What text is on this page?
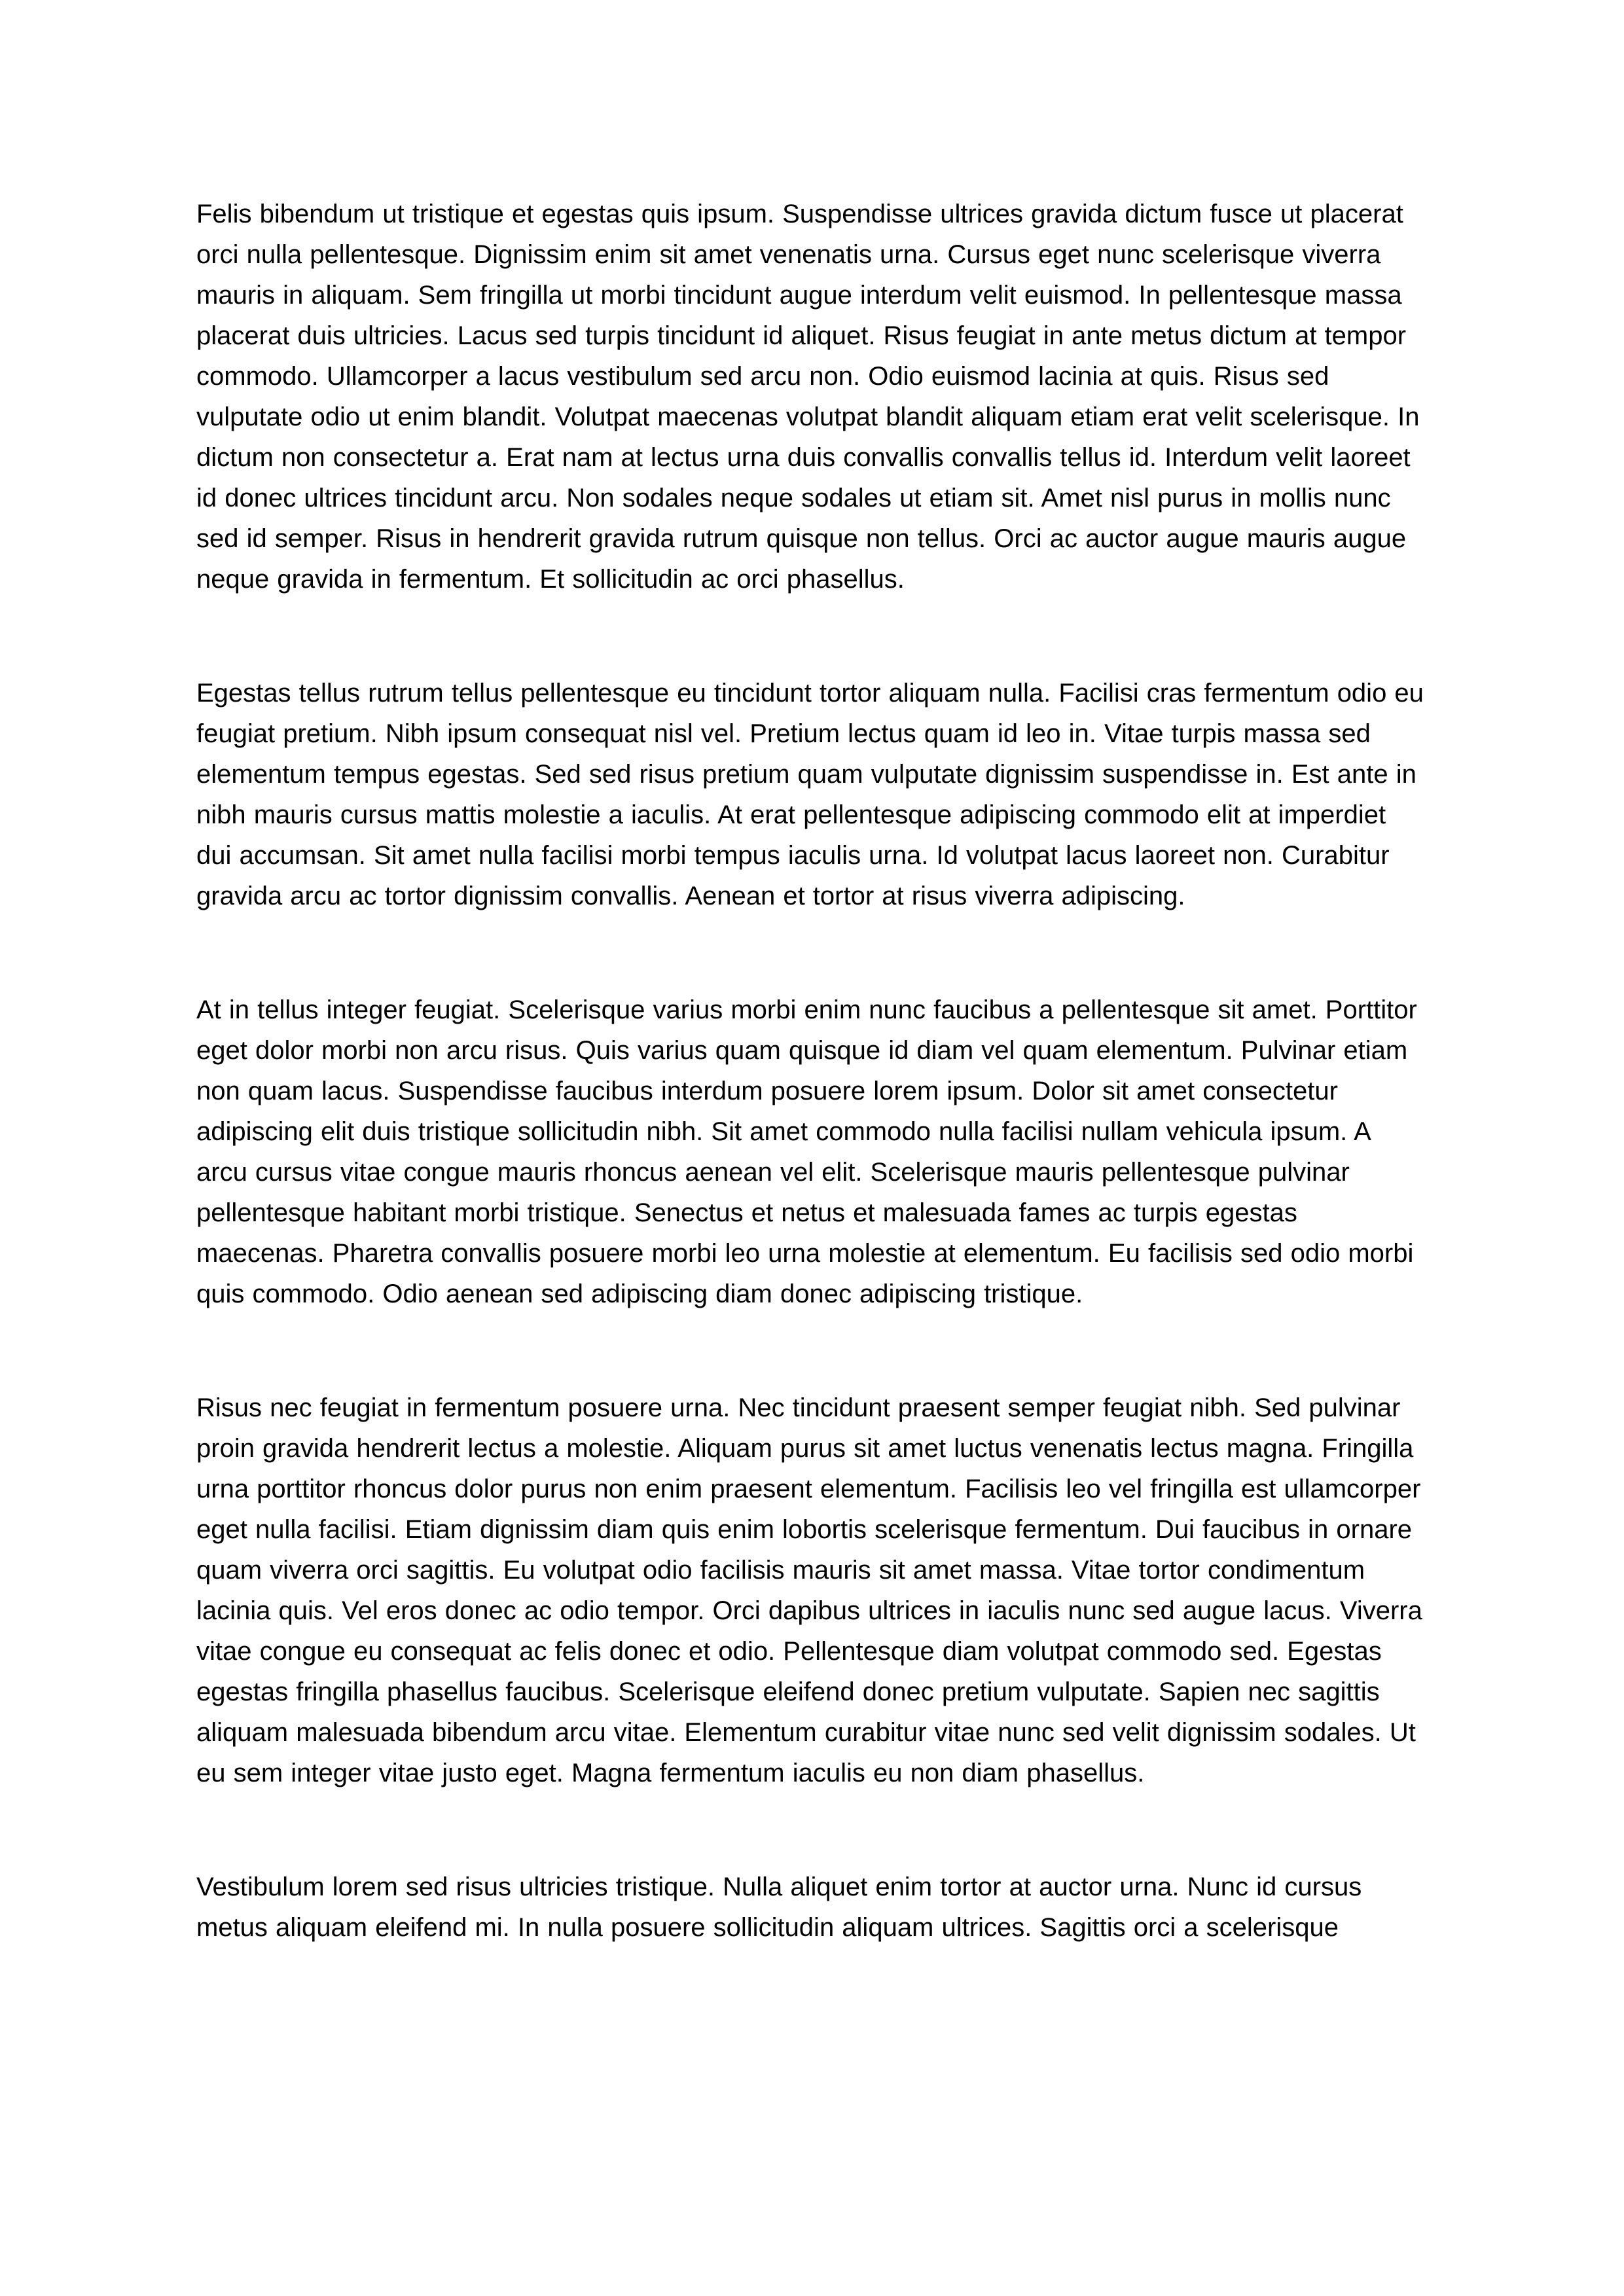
Felis bibendum ut tristique et egestas quis ipsum. Suspendisse ultrices gravida dictum fusce ut placerat orci nulla pellentesque. Dignissim enim sit amet venenatis urna. Cursus eget nunc scelerisque viverra mauris in aliquam. Sem fringilla ut morbi tincidunt augue interdum velit euismod. In pellentesque massa placerat duis ultricies. Lacus sed turpis tincidunt id aliquet. Risus feugiat in ante metus dictum at tempor commodo. Ullamcorper a lacus vestibulum sed arcu non. Odio euismod lacinia at quis. Risus sed vulputate odio ut enim blandit. Volutpat maecenas volutpat blandit aliquam etiam erat velit scelerisque. In dictum non consectetur a. Erat nam at lectus urna duis convallis convallis tellus id. Interdum velit laoreet id donec ultrices tincidunt arcu. Non sodales neque sodales ut etiam sit. Amet nisl purus in mollis nunc sed id semper. Risus in hendrerit gravida rutrum quisque non tellus. Orci ac auctor augue mauris augue neque gravida in fermentum. Et sollicitudin ac orci phasellus.

Egestas tellus rutrum tellus pellentesque eu tincidunt tortor aliquam nulla. Facilisi cras fermentum odio eu feugiat pretium. Nibh ipsum consequat nisl vel. Pretium lectus quam id leo in. Vitae turpis massa sed elementum tempus egestas. Sed sed risus pretium quam vulputate dignissim suspendisse in. Est ante in nibh mauris cursus mattis molestie a iaculis. At erat pellentesque adipiscing commodo elit at imperdiet dui accumsan. Sit amet nulla facilisi morbi tempus iaculis urna. Id volutpat lacus laoreet non. Curabitur gravida arcu ac tortor dignissim convallis. Aenean et tortor at risus viverra adipiscing.

At in tellus integer feugiat. Scelerisque varius morbi enim nunc faucibus a pellentesque sit amet. Porttitor eget dolor morbi non arcu risus. Quis varius quam quisque id diam vel quam elementum. Pulvinar etiam non quam lacus. Suspendisse faucibus interdum posuere lorem ipsum. Dolor sit amet consectetur adipiscing elit duis tristique sollicitudin nibh. Sit amet commodo nulla facilisi nullam vehicula ipsum. A arcu cursus vitae congue mauris rhoncus aenean vel elit. Scelerisque mauris pellentesque pulvinar pellentesque habitant morbi tristique. Senectus et netus et malesuada fames ac turpis egestas maecenas. Pharetra convallis posuere morbi leo urna molestie at elementum. Eu facilisis sed odio morbi quis commodo. Odio aenean sed adipiscing diam donec adipiscing tristique.

Risus nec feugiat in fermentum posuere urna. Nec tincidunt praesent semper feugiat nibh. Sed pulvinar proin gravida hendrerit lectus a molestie. Aliquam purus sit amet luctus venenatis lectus magna. Fringilla urna porttitor rhoncus dolor purus non enim praesent elementum. Facilisis leo vel fringilla est ullamcorper eget nulla facilisi. Etiam dignissim diam quis enim lobortis scelerisque fermentum. Dui faucibus in ornare quam viverra orci sagittis. Eu volutpat odio facilisis mauris sit amet massa. Vitae tortor condimentum lacinia quis. Vel eros donec ac odio tempor. Orci dapibus ultrices in iaculis nunc sed augue lacus. Viverra vitae congue eu consequat ac felis donec et odio. Pellentesque diam volutpat commodo sed. Egestas egestas fringilla phasellus faucibus. Scelerisque eleifend donec pretium vulputate. Sapien nec sagittis aliquam malesuada bibendum arcu vitae. Elementum curabitur vitae nunc sed velit dignissim sodales. Ut eu sem integer vitae justo eget. Magna fermentum iaculis eu non diam phasellus.

Vestibulum lorem sed risus ultricies tristique. Nulla aliquet enim tortor at auctor urna. Nunc id cursus metus aliquam eleifend mi. In nulla posuere sollicitudin aliquam ultrices. Sagittis orci a scelerisque
